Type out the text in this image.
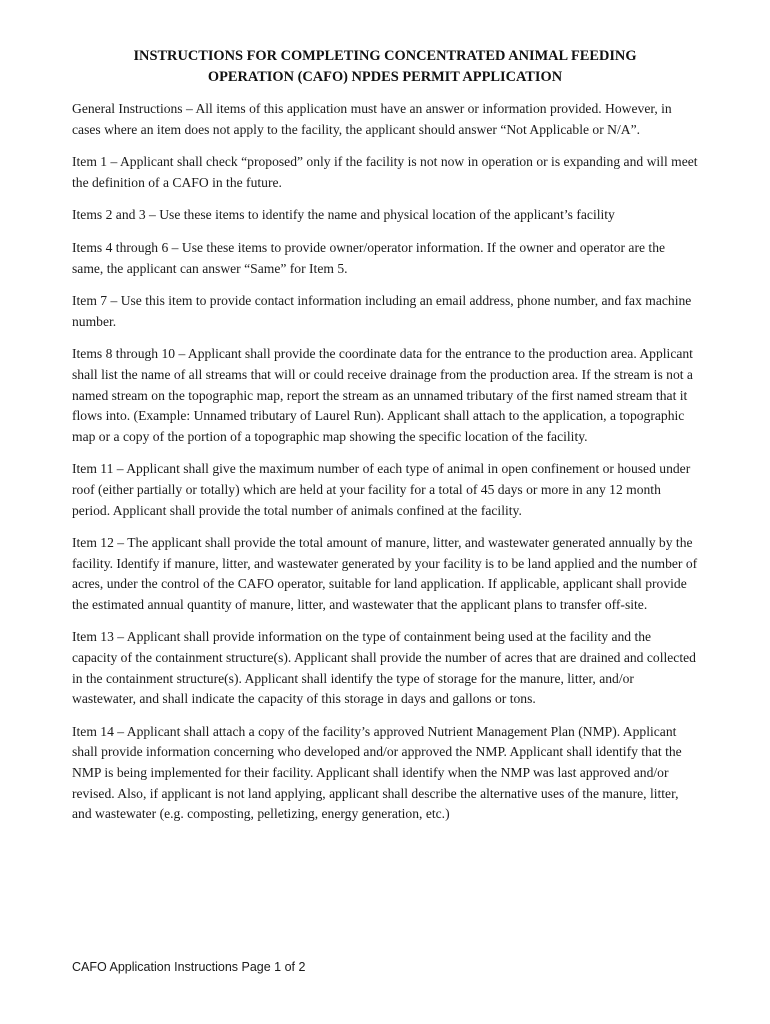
INSTRUCTIONS FOR COMPLETING CONCENTRATED ANIMAL FEEDING
OPERATION (CAFO) NPDES PERMIT APPLICATION

General Instructions – All items of this application must have an answer or information provided. However, in cases where an item does not apply to the facility, the applicant should answer “Not Applicable or N/A”.

Item 1 – Applicant shall check “proposed” only if the facility is not now in operation or is expanding and will meet the definition of a CAFO in the future.

Items 2 and 3 – Use these items to identify the name and physical location of the applicant’s facility

Items 4 through 6 – Use these items to provide owner/operator information. If the owner and operator are the same, the applicant can answer “Same” for Item 5.

Item 7 – Use this item to provide contact information including an email address, phone number, and fax machine number.

Items 8 through 10 – Applicant shall provide the coordinate data for the entrance to the production area. Applicant shall list the name of all streams that will or could receive drainage from the production area. If the stream is not a named stream on the topographic map, report the stream as an unnamed tributary of the first named stream that it flows into. (Example: Unnamed tributary of Laurel Run). Applicant shall attach to the application, a topographic map or a copy of the portion of a topographic map showing the specific location of the facility.

Item 11 – Applicant shall give the maximum number of each type of animal in open confinement or housed under roof (either partially or totally) which are held at your facility for a total of 45 days or more in any 12 month period. Applicant shall provide the total number of animals confined at the facility.

Item 12 – The applicant shall provide the total amount of manure, litter, and wastewater generated annually by the facility. Identify if manure, litter, and wastewater generated by your facility is to be land applied and the number of acres, under the control of the CAFO operator, suitable for land application. If applicable, applicant shall provide the estimated annual quantity of manure, litter, and wastewater that the applicant plans to transfer off-site.

Item 13 – Applicant shall provide information on the type of containment being used at the facility and the capacity of the containment structure(s). Applicant shall provide the number of acres that are drained and collected in the containment structure(s). Applicant shall identify the type of storage for the manure, litter, and/or wastewater, and shall indicate the capacity of this storage in days and gallons or tons.

Item 14 – Applicant shall attach a copy of the facility’s approved Nutrient Management Plan (NMP). Applicant shall provide information concerning who developed and/or approved the NMP. Applicant shall identify that the NMP is being implemented for their facility. Applicant shall identify when the NMP was last approved and/or revised. Also, if applicant is not land applying, applicant shall describe the alternative uses of the manure, litter, and wastewater (e.g. composting, pelletizing, energy generation, etc.)

CAFO Application Instructions Page 1 of 2
